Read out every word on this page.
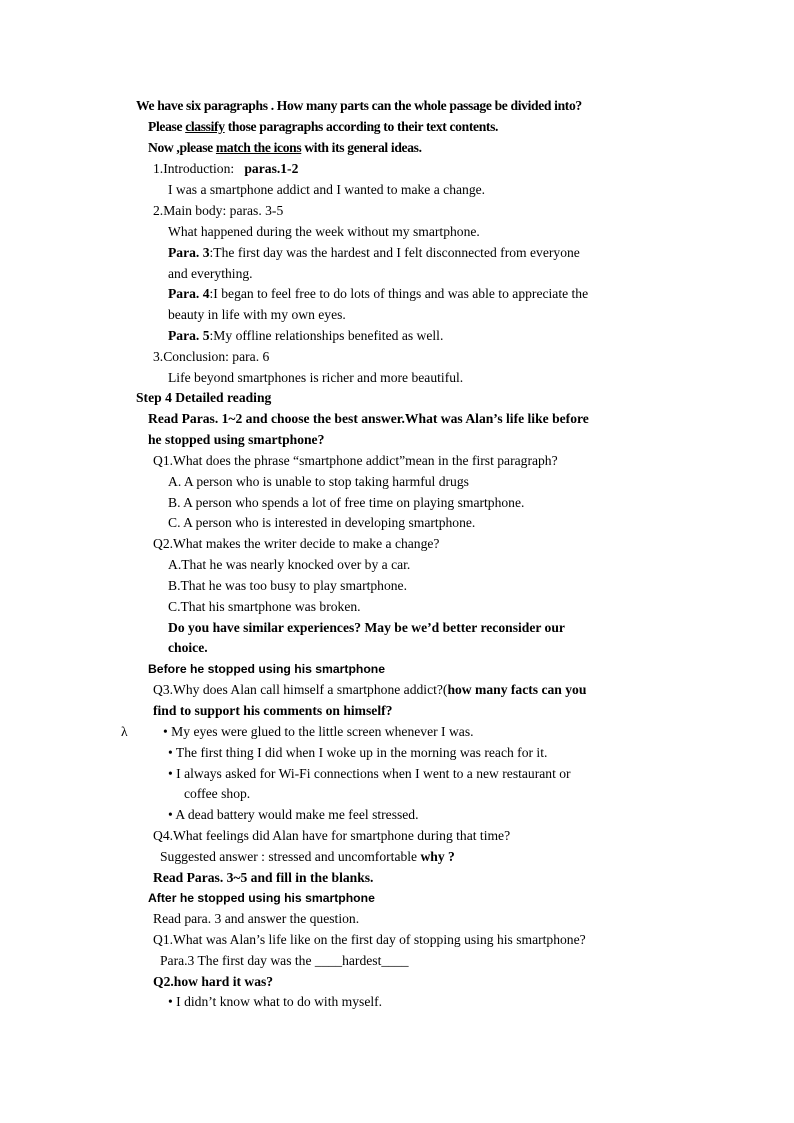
We have six paragraphs . How many parts can the whole passage be divided into?
Please classify those paragraphs according to their text contents.
Now ,please match the icons with its general ideas.
1.Introduction: paras.1-2
I was a smartphone addict and I wanted to make a change.
2.Main body: paras. 3-5
What happened during the week without my smartphone.
Para. 3:The first day was the hardest and I felt disconnected from everyone
and everything.
Para. 4:I began to feel free to do lots of things and was able to appreciate the
beauty in life with my own eyes.
Para. 5:My offline relationships benefited as well.
3.Conclusion: para. 6
Life beyond smartphones is richer and more beautiful.
Step 4 Detailed reading
Read Paras. 1~2 and choose the best answer.What was Alan’s life like before
he stopped using smartphone?
Q1.What does the phrase “smartphone addict”mean in the first paragraph?
A. A person who is unable to stop taking harmful drugs
B. A person who spends a lot of free time on playing smartphone.
C. A person who is interested in developing smartphone.
Q2.What makes the writer decide to make a change?
A.That he was nearly knocked over by a car.
B.That he was too busy to play smartphone.
C.That his smartphone was broken.
Do you have similar experiences? May be we’d better reconsider our
choice.
Before he stopped using his smartphone
Q3.Why does Alan call himself a smartphone addict?(how many facts can you
find to support his comments on himself?
λ	• My eyes were glued to the little screen whenever I was.
• The first thing I did when I woke up in the morning was reach for it.
• I always asked for Wi-Fi connections when I went to a new restaurant or
coffee shop.
• A dead battery would make me feel stressed.
Q4.What feelings did Alan have for smartphone during that time?
Suggested answer : stressed and uncomfortable why ?
Read Paras. 3~5 and fill in the blanks.
After he stopped using his smartphone
Read para. 3 and answer the question.
Q1.What was Alan’s life like on the first day of stopping using his smartphone?
Para.3 The first day was the ____hardest____
Q2.how hard it was?
• I didn’t know what to do with myself.
